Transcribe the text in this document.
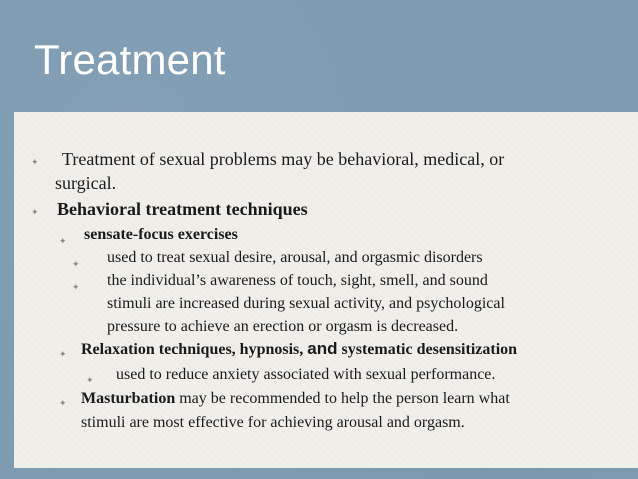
Treatment
✦ Treatment of sexual problems may be behavioral, medical, or
surgical.
✦ Behavioral treatment techniques
✦ sensate-focus exercises
✦ used to treat sexual desire, arousal, and orgasmic disorders
✦ the individual’s awareness of touch, sight, smell, and sound
stimuli are increased during sexual activity, and psychological
pressure to achieve an erection or orgasm is decreased.
✦ Relaxation techniques, hypnosis, and systematic desensitization
✦ used to reduce anxiety associated with sexual performance.
✦ Masturbation may be recommended to help the person learn what
stimuli are most effective for achieving arousal and orgasm.
